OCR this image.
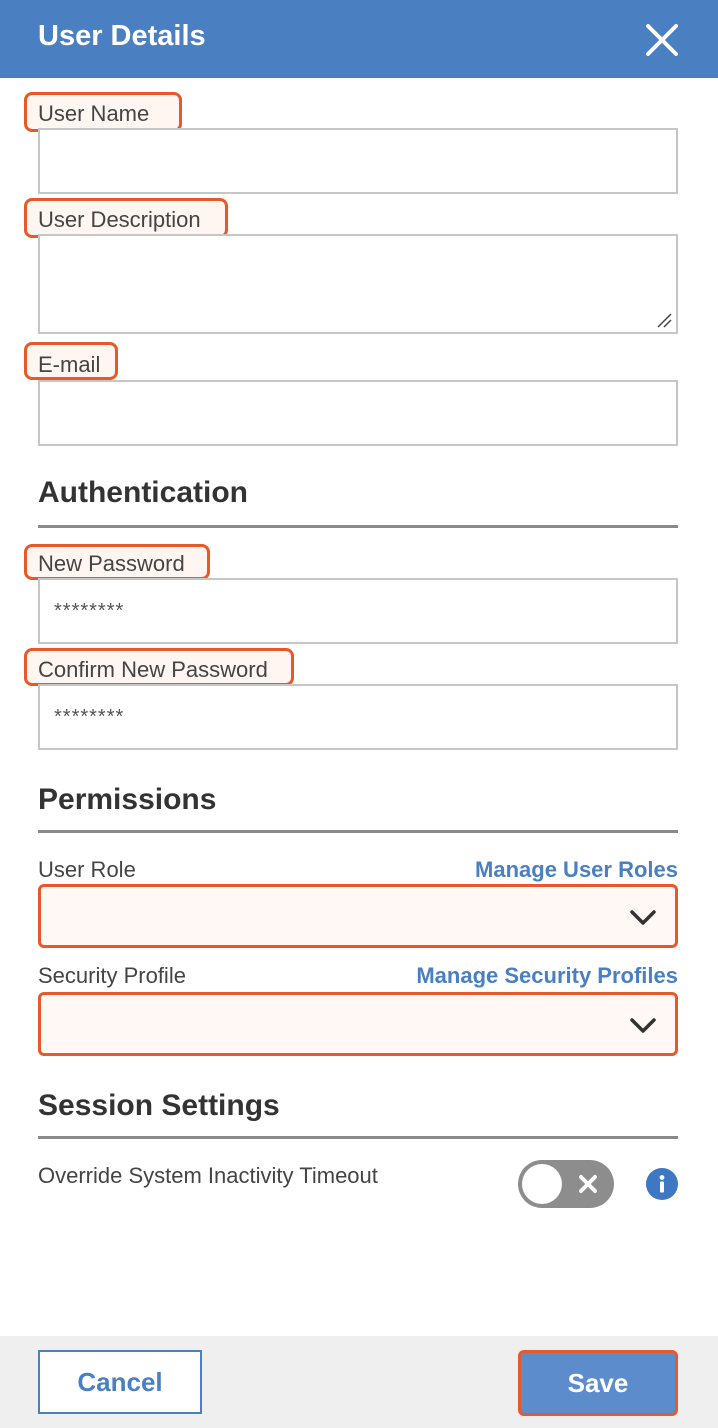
User Details
User Name
User Description
E-mail
Authentication
New Password
Confirm New Password
Permissions
User Role	Manage User Roles
Security Profile	Manage Security Profiles
Session Settings
Override System Inactivity Timeout
Cancel	Save
